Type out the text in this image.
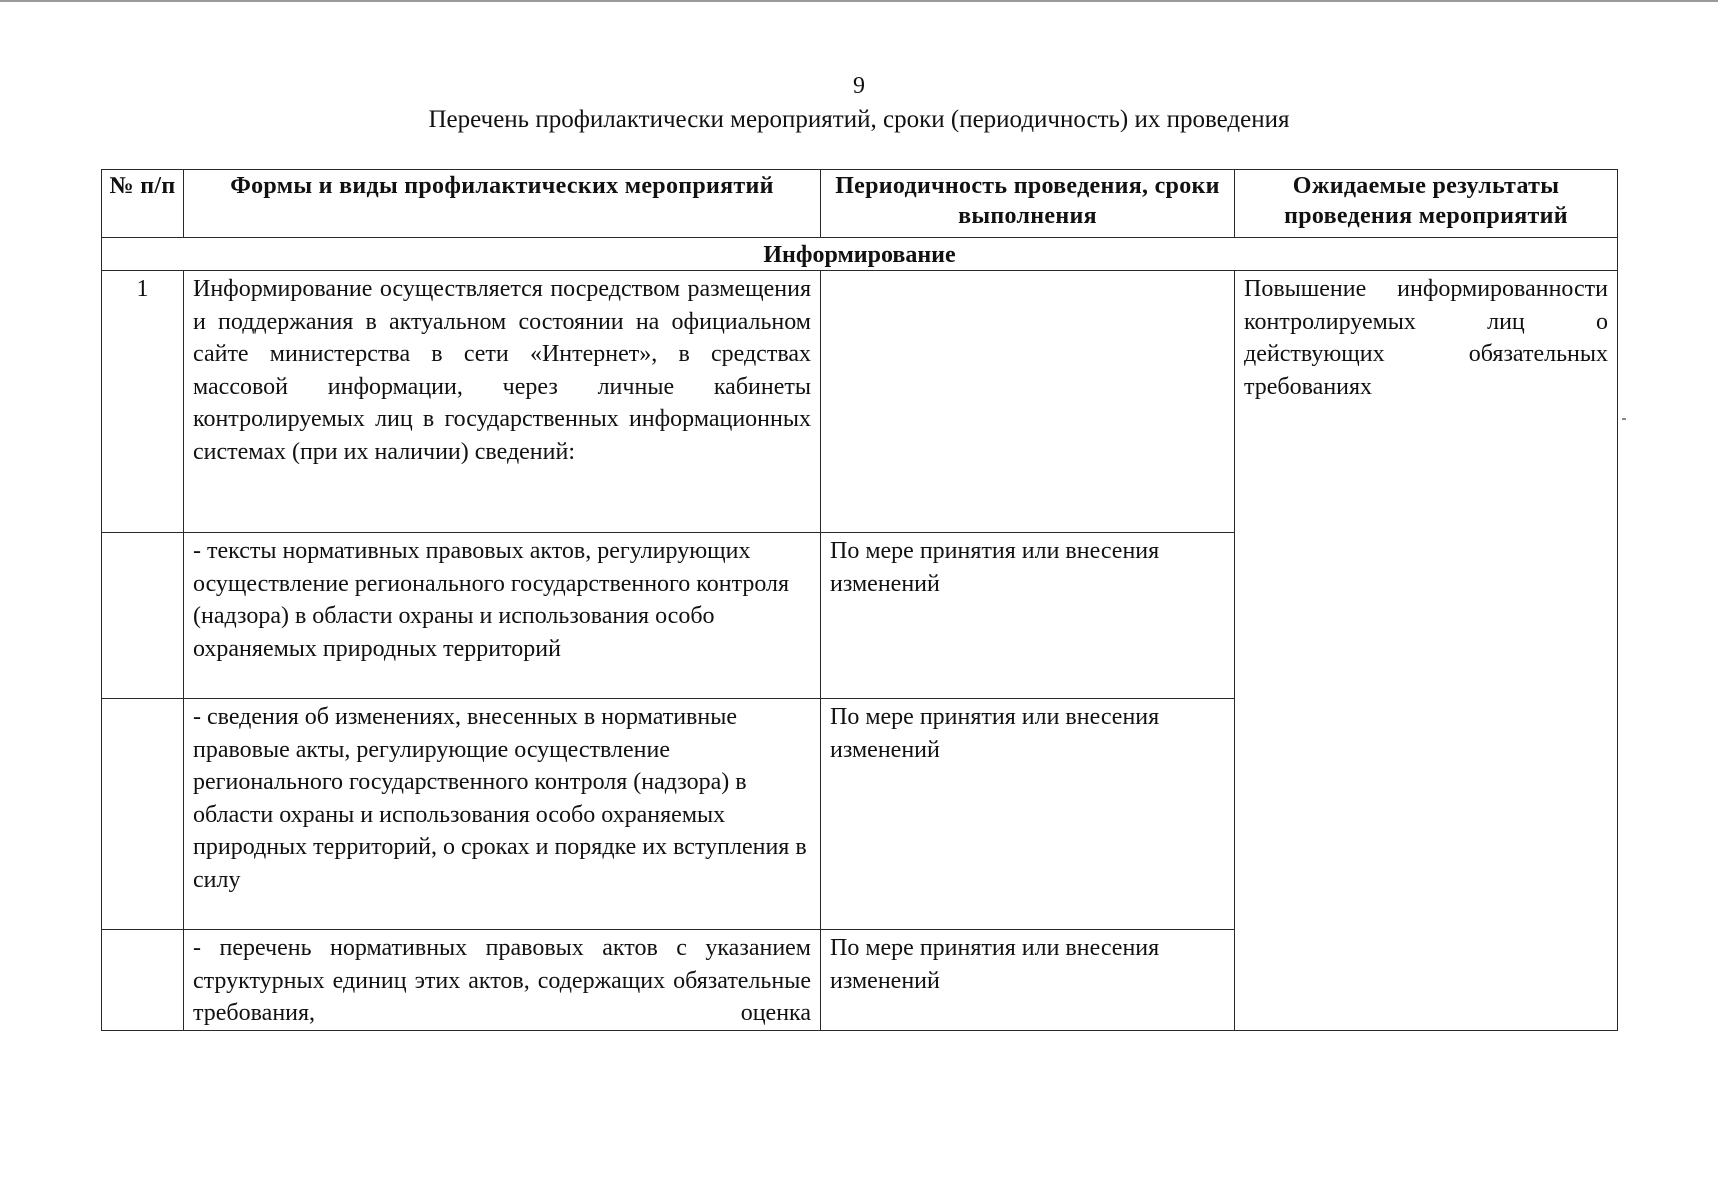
9
Перечень профилактически мероприятий, сроки (периодичность) их проведения
№ п/п	Формы и виды профилактических мероприятий	Периодичность проведения, сроки выполнения	Ожидаемые результаты проведения мероприятий
Информирование			
1	Информирование осуществляется посредством размещения и поддержания в актуальном состоянии на официальном сайте министерства в сети «Интернет», в средствах массовой информации, через личные кабинеты контролируемых лиц в государственных информационных системах (при их наличии) сведений:		Повышение информированности контролируемых лиц о действующих обязательных требованиях
	- тексты нормативных правовых актов, регулирующих осуществление регионального государственного контроля (надзора) в области охраны и использования особо охраняемых природных территорий	По мере принятия или внесения изменений	
	- сведения об изменениях, внесенных в нормативные правовые акты, регулирующие осуществление регионального государственного контроля (надзора) в области охраны и использования особо охраняемых природных территорий, о сроках и порядке их вступления в силу	По мере принятия или внесения изменений	
	- перечень нормативных правовых актов с указанием структурных единиц этих актов, содержащих обязательные требования, оценка	По мере принятия или внесения изменений	
